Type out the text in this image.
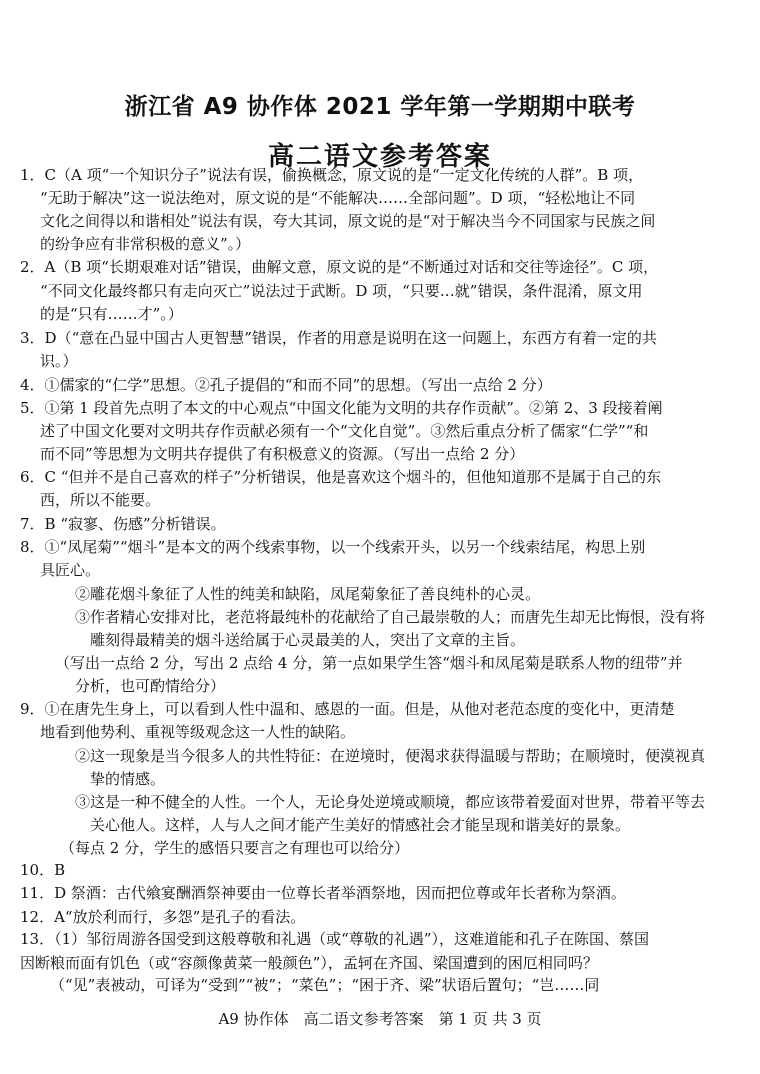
浙江省 A9 协作体 2021 学年第一学期期中联考
高二语文参考答案
1．C（A 项“一个知识分子”说法有误，偷换概念，原文说的是“一定文化传统的人群”。B 项，
“无助于解决”这一说法绝对，原文说的是“不能解决……全部问题”。D 项，“轻松地让不同
文化之间得以和谐相处”说法有误，夸大其词，原文说的是“对于解决当今不同国家与民族之间
的纷争应有非常积极的意义”。）
2．A（B 项“长期艰难对话”错误，曲解文意，原文说的是“不断通过对话和交往等途径”。C 项，
“不同文化最终都只有走向灭亡”说法过于武断。D 项，“只要…就”错误，条件混淆，原文用
的是“只有……才”。）
3．D（“意在凸显中国古人更智慧”错误，作者的用意是说明在这一问题上，东西方有着一定的共
识。）
4．①儒家的“仁学”思想。②孔子提倡的“和而不同”的思想。（写出一点给 2 分）
5．①第 1 段首先点明了本文的中心观点“中国文化能为文明的共存作贡献”。②第 2、3 段接着阐
述了中国文化要对文明共存作贡献必须有一个“文化自觉”。③然后重点分析了儒家“仁学”“和
而不同”等思想为文明共存提供了有积极意义的资源。（写出一点给 2 分）
6．C “但并不是自己喜欢的样子”分析错误，他是喜欢这个烟斗的，但他知道那不是属于自己的东
西，所以不能要。
7．B “寂寥、伤感”分析错误。
8．①“凤尾菊”“烟斗”是本文的两个线索事物，以一个线索开头，以另一个线索结尾，构思上别
具匠心。
②雕花烟斗象征了人性的纯美和缺陷，凤尾菊象征了善良纯朴的心灵。
③作者精心安排对比，老范将最纯朴的花献给了自己最崇敬的人；而唐先生却无比悔恨，没有将
雕刻得最精美的烟斗送给属于心灵最美的人，突出了文章的主旨。
（写出一点给 2 分，写出 2 点给 4 分，第一点如果学生答“烟斗和凤尾菊是联系人物的纽带”并
分析，也可酌情给分）
9．①在唐先生身上，可以看到人性中温和、感恩的一面。但是，从他对老范态度的变化中，更清楚
地看到他势利、重视等级观念这一人性的缺陷。
②这一现象是当今很多人的共性特征：在逆境时，便渴求获得温暖与帮助；在顺境时，便漠视真
挚的情感。
③这是一种不健全的人性。一个人，无论身处逆境或顺境，都应该带着爱面对世界，带着平等去
关心他人。这样，人与人之间才能产生美好的情感社会才能呈现和谐美好的景象。
（每点 2 分，学生的感悟只要言之有理也可以给分）
10．B
11．D 祭酒：古代飨宴酬酒祭神要由一位尊长者举酒祭地，因而把位尊或年长者称为祭酒。
12．A“放於利而行，多怨”是孔子的看法。
13．（1）邹衍周游各国受到这般尊敬和礼遇（或“尊敬的礼遇”），这难道能和孔子在陈国、蔡国
因断粮而面有饥色（或“容颜像黄菜一般颜色”），孟轲在齐国、梁国遭到的困厄相同吗？
（“见”表被动，可译为“受到”“被”；“菜色”；“困于齐、梁”状语后置句；“岂……同
A9 协作体　高二语文参考答案　第 1 页 共 3 页
